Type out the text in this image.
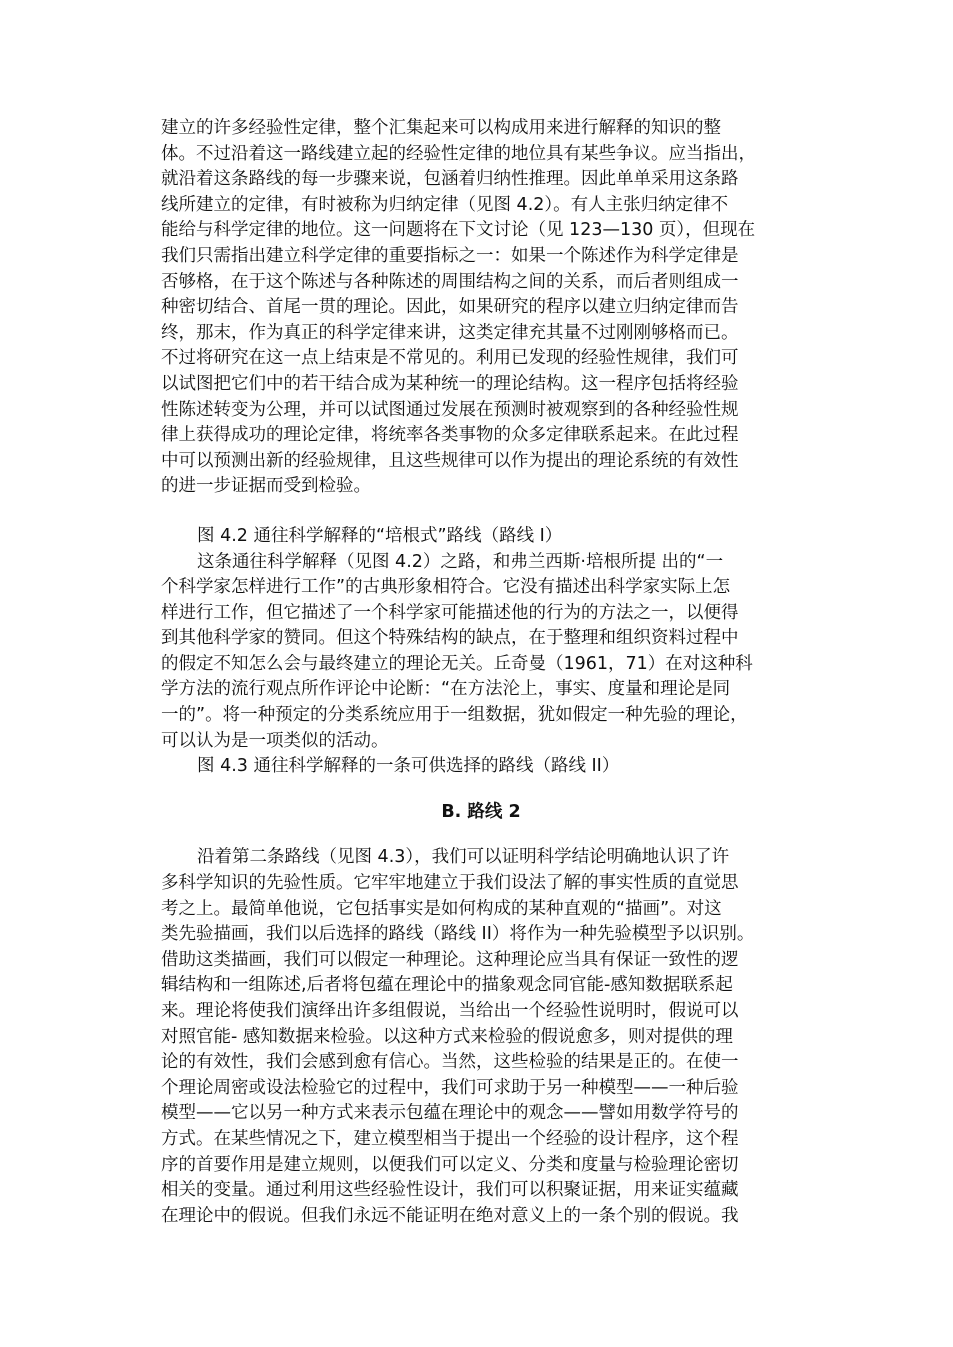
建立的许多经验性定律，整个汇集起来可以构成用来进行解释的知识的整
体。不过沿着这一路线建立起的经验性定律的地位具有某些争议。应当指出，
就沿着这条路线的每一步骤来说，包涵着归纳性推理。因此单单采用这条路
线所建立的定律，有时被称为归纳定律（见图 4.2）。有人主张归纳定律不
能给与科学定律的地位。这一问题将在下文讨论（见 123—130 页），但现在
我们只需指出建立科学定律的重要指标之一：如果一个陈述作为科学定律是
否够格，在于这个陈述与各种陈述的周围结构之间的关系，而后者则组成一
种密切结合、首尾一贯的理论。因此，如果研究的程序以建立归纳定律而告
终，那末，作为真正的科学定律来讲，这类定律充其量不过刚刚够格而已。
不过将研究在这一点上结束是不常见的。利用已发现的经验性规律，我们可
以试图把它们中的若干结合成为某种统一的理论结构。这一程序包括将经验
性陈述转变为公理，并可以试图通过发展在预测时被观察到的各种经验性规
律上获得成功的理论定律，将统率各类事物的众多定律联系起来。在此过程
中可以预测出新的经验规律，且这些规律可以作为提出的理论系统的有效性
的进一步证据而受到检验。
图 4.2 通往科学解释的“培根式”路线（路线 I）
这条通往科学解释（见图 4.2）之路，和弗兰西斯·培根所提 出的“一
个科学家怎样进行工作”的古典形象相符合。它没有描述出科学家实际上怎
样进行工作，但它描述了一个科学家可能描述他的行为的方法之一，以便得
到其他科学家的赞同。但这个特殊结构的缺点，在于整理和组织资料过程中
的假定不知怎么会与最终建立的理论无关。丘奇曼（1961，71）在对这种科
学方法的流行观点所作评论中论断：“在方法沦上，事实、度量和理论是同
一的”。将一种预定的分类系统应用于一组数据，犹如假定一种先验的理论，
可以认为是一项类似的活动。
图 4.3 通往科学解释的一条可供选择的路线（路线 II）
B. 路线 2
沿着第二条路线（见图 4.3），我们可以证明科学结论明确地认识了许
多科学知识的先验性质。它牢牢地建立于我们设法了解的事实性质的直觉思
考之上。最简单他说，它包括事实是如何构成的某种直观的“描画”。对这
类先验描画，我们以后选择的路线（路线 II）将作为一种先验模型予以识别。
借助这类描画，我们可以假定一种理论。这种理论应当具有保证一致性的逻
辑结构和一组陈述,后者将包蕴在理论中的描象观念同官能-感知数据联系起
来。理论将使我们演绎出许多组假说，当给出一个经验性说明时，假说可以
对照官能- 感知数据来检验。以这种方式来检验的假说愈多，则对提供的理
论的有效性，我们会感到愈有信心。当然，这些检验的结果是正的。在使一
个理论周密或设法检验它的过程中，我们可求助于另一种模型——一种后验
模型——它以另一种方式来表示包蕴在理论中的观念——譬如用数学符号的
方式。在某些情况之下，建立模型相当于提出一个经验的设计程序，这个程
序的首要作用是建立规则，以便我们可以定义、分类和度量与检验理论密切
相关的变量。通过利用这些经验性设计，我们可以积聚证据，用来证实蕴藏
在理论中的假说。但我们永远不能证明在绝对意义上的一条个别的假说。我
